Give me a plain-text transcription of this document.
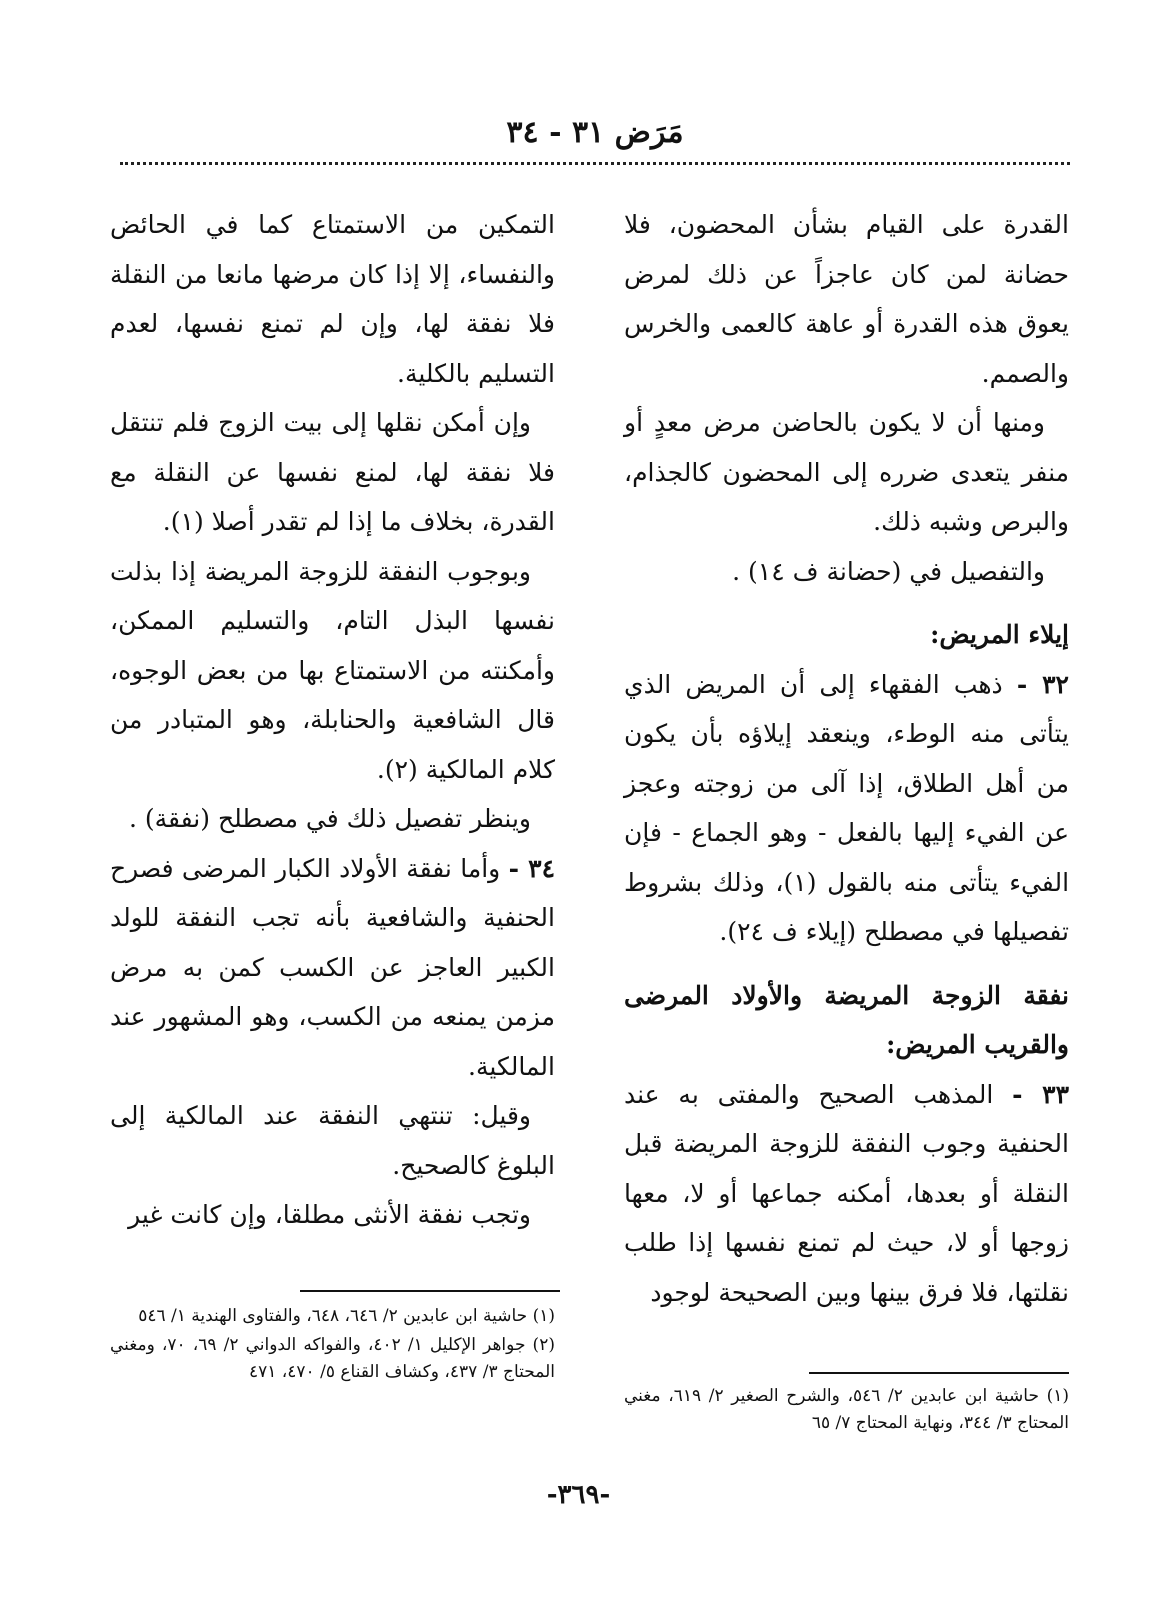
مَرَض ٣١ - ٣٤

القدرة على القيام بشأن المحضون، فلا حضانة لمن كان عاجزاً عن ذلك لمرض يعوق هذه القدرة أو عاهة كالعمى والخرس والصمم.

ومنها أن لا يكون بالحاضن مرض معدٍ أو منفر يتعدى ضرره إلى المحضون كالجذام، والبرص وشبه ذلك.

والتفصيل في (حضانة ف ١٤) .

إيلاء المريض:

٣٢ - ذهب الفقهاء إلى أن المريض الذي يتأتى منه الوطء، وينعقد إيلاؤه بأن يكون من أهل الطلاق، إذا آلى من زوجته وعجز عن الفيء إليها بالفعل - وهو الجماع - فإن الفيء يتأتى منه بالقول (١)، وذلك بشروط تفصيلها في مصطلح (إيلاء ف ٢٤).

نفقة الزوجة المريضة والأولاد المرضى والقريب المريض:

٣٣ - المذهب الصحيح والمفتى به عند الحنفية وجوب النفقة للزوجة المريضة قبل النقلة أو بعدها، أمكنه جماعها أو لا، معها زوجها أو لا، حيث لم تمنع نفسها إذا طلب نقلتها، فلا فرق بينها وبين الصحيحة لوجود

التمكين من الاستمتاع كما في الحائض والنفساء، إلا إذا كان مرضها مانعا من النقلة فلا نفقة لها، وإن لم تمنع نفسها، لعدم التسليم بالكلية.

وإن أمكن نقلها إلى بيت الزوج فلم تنتقل فلا نفقة لها، لمنع نفسها عن النقلة مع القدرة، بخلاف ما إذا لم تقدر أصلا (١).

وبوجوب النفقة للزوجة المريضة إذا بذلت نفسها البذل التام، والتسليم الممكن، وأمكنته من الاستمتاع بها من بعض الوجوه، قال الشافعية والحنابلة، وهو المتبادر من كلام المالكية (٢).

وينظر تفصيل ذلك في مصطلح (نفقة) .

٣٤ - وأما نفقة الأولاد الكبار المرضى فصرح الحنفية والشافعية بأنه تجب النفقة للولد الكبير العاجز عن الكسب كمن به مرض مزمن يمنعه من الكسب، وهو المشهور عند المالكية.

وقيل: تنتهي النفقة عند المالكية إلى البلوغ كالصحيح.

وتجب نفقة الأنثى مطلقا، وإن كانت غير

(١) حاشية ابن عابدين ٢/ ٦٤٦، ٦٤٨، والفتاوى الهندية ١/ ٥٤٦

(٢) جواهر الإكليل ١/ ٤٠٢، والفواكه الدواني ٢/ ٦٩، ٧٠، ومغني المحتاج ٣/ ٤٣٧، وكشاف القناع ٥/ ٤٧٠، ٤٧١

(١) حاشية ابن عابدين ٢/ ٥٤٦، والشرح الصغير ٢/ ٦١٩، مغني المحتاج ٣/ ٣٤٤، ونهاية المحتاج ٧/ ٦٥

-٣٦٩-
